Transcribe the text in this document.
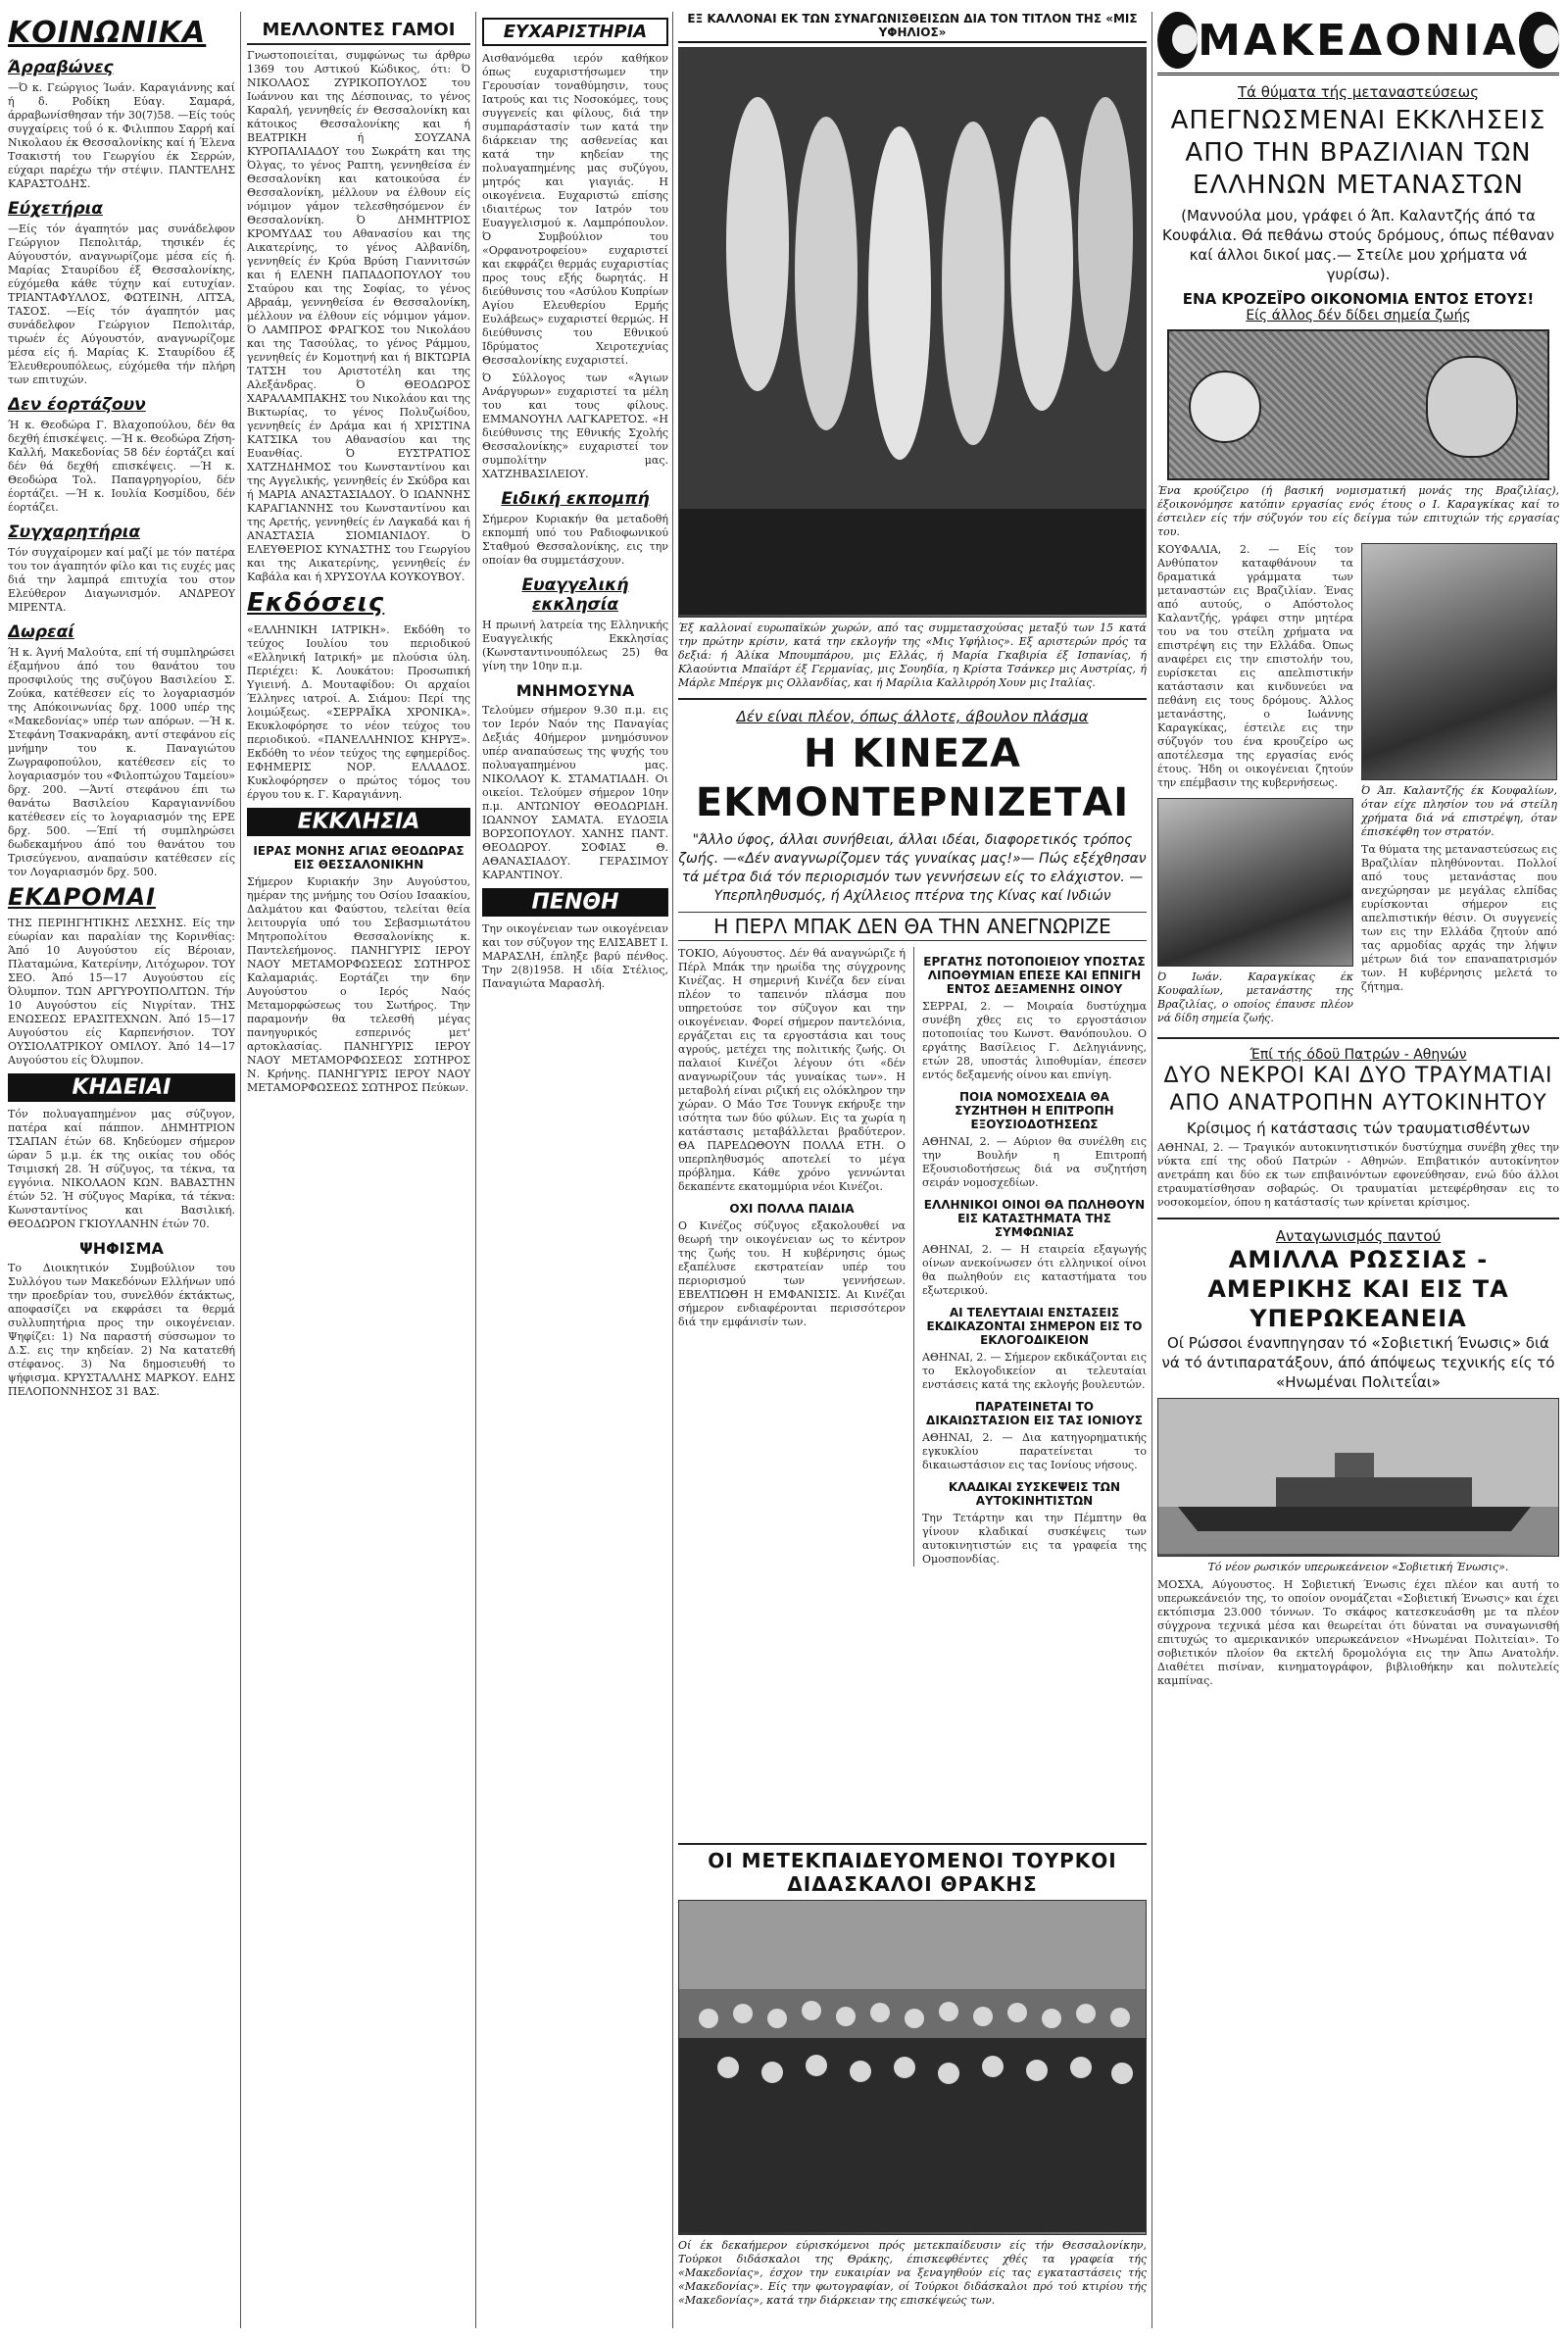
ΚΟΙΝΩΝΙΚΑ
Άρραβώνες
—Ό κ. Γεώργιος Ίωάν. Καραγιάννης καί ή δ. Ροδίκη Εύαγ. Σαμαρά, άρραβωνίσθησαν τήν 30(7)58. —Είς τούς συγχαίρεις τοΰ ό κ. Φιλιππου Σαρρή καί Νικολαου έκ Θεσσαλονίκης καί ή Έλενα Τσακιστή του Γεωργίου έκ Σερρών, εύχαρι παρέχω τήν στέψιν. ΠΑΝΤΕΛΗΣ ΚΑΡΑΣΤΟΔΗΣ.
Εύχετήρια
—Είς τόν άγαπητόν μας συνάδελφον Γεώργιον Πεπολιτάρ, τησικέν ές Αύγουστόν, αναγνωρίζομε μέσα είς ή. Μαρίας Σταυρίδου έξ Θεσσαλονίκης, εύχόμεθα κάθε τύχην καί ευτυχίαν. ΤΡΙΑΝΤΑΦΥΛΛΟΣ, ΦΩΤΕΙΝΗ, ΛΙΤΣΑ, ΤΑΣΟΣ. —Είς τόν άγαπητόν μας συνάδελφον Γεώργιον Πεπολιτάρ, τιρωέν ές Αύγουστόν, αναγνωρίζομε μέσα είς ή. Μαρίας Κ. Σταυρίδου έξ Έλευθερουπόλεως, εύχόμεθα τήν πλήρη των επιτυχών.
Δεν έορτάζουν
Ή κ. Θεοδώρα Γ. Βλαχοπούλου, δέν θα δεχθή έπισκέψεις. —Ή κ. Θεοδώρα Ζήση-Καλλή, Μακεδονίας 58 δέν έορτάζει καί δέν θά δεχθή επισκέψεις. —Ή κ. Θεοδώρα Τολ. Παπαγρηγορίου, δέν έορτάζει. —Ή κ. Ιουλία Κοσμίδου, δέν έορτάζει.
Συγχαρητήρια
Τόν συγχαίρομεν καί μαζί με τόν πατέρα του τον άγαπητόν φίλο και τις ευχές μας διά την λαμπρά επιτυχία του στον Ελεύθερον Διαγωνισμόν. ΑΝΔΡΕΟΥ ΜΙΡΕΝΤΑ.
Δωρεαί
Ή κ. Άγνή Μαλούτα, επί τή συμπληρώσει έξαμήνου άπό του θανάτου του προσφιλούς της συζύγου Βασιλείου Σ. Ζούκα, κατέθεσεν είς το λογαριασμόν της Απόκοινωνίας δρχ. 1000 υπέρ της «Μακεδονίας» υπέρ των απόρων. —Ή κ. Στεφάνη Τσακναράκη, αντί στεφάνου είς μνήμην του κ. Παναγιώτου Ζωγραφοπούλου, κατέθεσεν είς το λογαριασμόν του «Φιλοπτώχου Ταμείου» δρχ. 200. —Άντί στεφάνου έπι τω θανάτω Βασιλείου Καραγιαννίδου κατέθεσεν είς το λογαριασμόν της ΕΡΕ δρχ. 500. —Έπί τή συμπληρώσει δωδεκαμήνου άπό του θανάτου του Τρισεύγενου, αναπαύσιν κατέθεσεν είς τον Λογαριασμόν δρχ. 500.
ΕΚΔΡΟΜΑΙ
ΤΗΣ ΠΕΡΙΗΓΗΤΙΚΗΣ ΛΕΣΧΗΣ. Είς την εύωρίαν και παραλίαν της Κορινθίας: Άπό 10 Αυγούστου είς Βέροιαν, Πλαταμώνα, Κατερίνην, Λιτόχωρον. ΤΟΥ ΣΕΟ. Άπό 15—17 Αυγούστου είς Όλυμπον. ΤΩΝ ΑΡΓΥΡΟΥΠΟΛΙΤΩΝ. Τήν 10 Αυγούστου είς Νιγρίταν. ΤΗΣ ΕΝΩΣΕΩΣ ΕΡΑΣΙΤΕΧΝΩΝ. Άπό 15—17 Αυγούστου είς Καρπενήσιον. ΤΟΥ ΟΥΣΙΟΛΑΤΡΙΚΟΥ ΟΜΙΛΟΥ. Άπό 14—17 Αυγούστου είς Όλυμπον.
ΚΗΔΕΙΑΙ
Τόν πολυαγαπημένον μας σύζυγον, πατέρα καί πάππον. ΔΗΜΗΤΡΙΟΝ ΤΣΑΠΑΝ έτών 68. Κηδεύομεν σήμερον ώραν 5 μ.μ. έκ της οικίας του οδός Τσιμισκή 28. Ή σύζυγος, τα τέκνα, τα εγγόνια. ΝΙΚΟΛΑΟΝ ΚΩΝ. ΒΑΒΑΣΤΗΝ έτών 52. Ή σύζυγος Μαρίκα, τά τέκνα: Κωνσταντίνος και Βασιλική. ΘΕΟΔΩΡΟΝ ΓΚΙΟΥΛΑΝΗΝ έτών 70.
ΨΗΦΙΣΜΑ
Το Διοικητικόν Συμβούλιον του Συλλόγου των Μακεδόνων Ελλήνων υπό την προεδρίαν του, συνελθόν έκτάκτως, αποφασίζει να εκφράσει τα θερμά συλλυπητήρια προς την οικογένειαν. Ψηφίζει: 1) Να παραστή σύσσωμον το Δ.Σ. εις την κηδείαν. 2) Να κατατεθή στέφανος. 3) Να δημοσιευθή το ψήφισμα. ΚΡΥΣΤΑΛΛΗΣ ΜΑΡΚΟΥ. ΕΔΗΣ ΠΕΛΟΠΟΝΝΗΣΟΣ 31 ΒΑΣ.
ΜΕΛΛΟΝΤΕΣ ΓΑΜΟΙ
Γνωστοποιείται, συμφώνως τω άρθρω 1369 του Αστικού Κώδικος, ότι: Ό ΝΙΚΟΛΑΟΣ ΖΥΡΙΚΟΠΟΥΛΟΣ του Ιωάννου και της Δέσποινας, το γένος Καραλή, γεννηθείς έν Θεσσαλονίκη και κάτοικος Θεσσαλονίκης και ή ΒΕΑΤΡΙΚΗ ή ΣΟΥΖΑΝΑ ΚΥΡΟΠΑΛΙΑΔΟΥ του Σωκράτη και της Όλγας, το γένος Ραπτη, γεννηθείσα έν Θεσσαλονίκη και κατοικούσα έν Θεσσαλονίκη, μέλλουν να έλθουν είς νόμιμον γάμον τελεσθησόμενον έν Θεσσαλονίκη. Ό ΔΗΜΗΤΡΙΟΣ ΚΡΟΜΥΔΑΣ του Αθανασίου και της Αικατερίνης, το γένος Αλβανίδη, γεννηθείς έν Κρύα Βρύση Γιαννιτσών και ή ΕΛΕΝΗ ΠΑΠΑΔΟΠΟΥΛΟΥ του Σταύρου και της Σοφίας, το γένος Αβραάμ, γεννηθείσα έν Θεσσαλονίκη, μέλλουν να έλθουν είς νόμιμον γάμον. Ό ΛΑΜΠΡΟΣ ΦΡΑΓΚΟΣ του Νικολάου και της Τασούλας, το γένος Ράμμου, γεννηθείς έν Κομοτηνή και ή ΒΙΚΤΩΡΙΑ ΤΑΤΣΗ του Αριστοτέλη και της Αλεξάνδρας. Ό ΘΕΟΔΩΡΟΣ ΧΑΡΑΛΑΜΠΑΚΗΣ του Νικολάου και της Βικτωρίας, το γένος Πολυζωίδου, γεννηθείς έν Δράμα και ή ΧΡΙΣΤΙΝΑ ΚΑΤΣΙΚΑ του Αθανασίου και της Ευανθίας. Ό ΕΥΣΤΡΑΤΙΟΣ ΧΑΤΖΗΔΗΜΟΣ του Κωνσταντίνου και της Αγγελικής, γεννηθείς έν Σκύδρα και ή ΜΑΡΙΑ ΑΝΑΣΤΑΣΙΑΔΟΥ. Ό ΙΩΑΝΝΗΣ ΚΑΡΑΓΙΑΝΝΗΣ του Κωνσταντίνου και της Αρετής, γεννηθείς έν Λαγκαδά και ή ΑΝΑΣΤΑΣΙΑ ΣΙΟΜΙΑΝΙΔΟΥ. Ό ΕΛΕΥΘΕΡΙΟΣ ΚΥΝΑΣΤΗΣ του Γεωργίου και της Αικατερίνης, γεννηθείς έν Καβάλα και ή ΧΡΥΣΟΥΛΑ ΚΟΥΚΟΥΒΟΥ.
Εκδόσεις
«ΕΛΛΗΝΙΚΗ ΙΑΤΡΙΚΗ». Εκδόθη το τεύχος Ιουλίου του περιοδικού «Ελληνική Ιατρική» με πλούσια ύλη. Περιέχει: Κ. Λουκάτου: Προσωπική Υγιεινή. Δ. Μουταφίδου: Οι αρχαίοι Έλληνες ιατροί. Α. Σιάμου: Περί της λοιμώξεως. «ΣΕΡΡΑΪΚΑ ΧΡΟΝΙΚΑ». Εκυκλοφόρησε το νέον τεύχος του περιοδικού. «ΠΑΝΕΛΛΗΝΙΟΣ ΚΗΡΥΞ». Εκδόθη το νέον τεύχος της εφημερίδος. ΕΦΗΜΕΡΙΣ ΝΟΡ. ΕΛΛΑΔΟΣ. Κυκλοφόρησεν ο πρώτος τόμος του έργου του κ. Γ. Καραγιάννη.
ΕΚΚΛΗΣΙΑ
ΙΕΡΑΣ ΜΟΝΗΣ ΑΓΙΑΣ ΘΕΟΔΩΡΑΣ ΕΙΣ ΘΕΣΣΑΛΟΝΙΚΗΝ
Σήμερον Κυριακήν 3ην Αυγούστου, ημέραν της μνήμης του Οσίου Ισαακίου, Δαλμάτου και Φαύστου, τελείται θεία λειτουργία υπό του Σεβασμιωτάτου Μητροπολίτου Θεσσαλονίκης κ. Παντελεήμονος. ΠΑΝΗΓΥΡΙΣ ΙΕΡΟΥ ΝΑΟΥ ΜΕΤΑΜΟΡΦΩΣΕΩΣ ΣΩΤΗΡΟΣ Καλαμαριάς. Εορτάζει την 6ην Αυγούστου ο Ιερός Ναός Μεταμορφώσεως του Σωτήρος. Την παραμονήν θα τελεσθή μέγας πανηγυρικός εσπερινός μετ' αρτοκλασίας. ΠΑΝΗΓΥΡΙΣ ΙΕΡΟΥ ΝΑΟΥ ΜΕΤΑΜΟΡΦΩΣΕΩΣ ΣΩΤΗΡΟΣ Ν. Κρήνης. ΠΑΝΗΓΥΡΙΣ ΙΕΡΟΥ ΝΑΟΥ ΜΕΤΑΜΟΡΦΩΣΕΩΣ ΣΩΤΗΡΟΣ Πεύκων.
ΕΥΧΑΡΙΣΤΗΡΙΑ
Αισθανόμεθα ιερόν καθήκον όπως ευχαριστήσωμεν την Γερουσίαν τοναθύμησιν, τους Ιατρούς και τις Νοσοκόμες, τους συγγενείς και φίλους, διά την συμπαράστασίν των κατά την διάρκειαν της ασθενείας και κατά την κηδείαν της πολυαγαπημένης μας συζύγου, μητρός και γιαγιάς. Η οικογένεια. Ευχαριστώ επίσης ιδιαιτέρως τον Ιατρόν του Ευαγγελισμού κ. Λαμπρόπουλον. Ό Συμβούλιον του «Ορφανοτροφείου» ευχαριστεί και εκφράζει θερμάς ευχαριστίας προς τους εξής δωρητάς. Η διεύθυνσις του «Ασύλου Κυπρίων Αγίου Ελευθερίου Ερμής Ευλάβεως» ευχαριστεί θερμώς. Η διεύθυνσις του Εθνικού Ιδρύματος Χειροτεχνίας Θεσσαλονίκης ευχαριστεί.
Ό Σύλλογος των «Άγιων Ανάργυρων» ευχαριστεί τα μέλη του και τους φίλους. ΕΜΜΑΝΟΥΗΛ ΛΑΓΚΑΡΕΤΟΣ. «Η διεύθυνσις της Εθνικής Σχολής Θεσσαλονίκης» ευχαριστεί τον συμπολίτην μας. ΧΑΤΖΗΒΑΣΙΛΕΙΟΥ.
Ειδική εκπομπή
Σήμερον Κυριακήν θα μεταδοθή εκπομπή υπό του Ραδιοφωνικού Σταθμού Θεσσαλονίκης, εις την οποίαν θα συμμετάσχουν.
Ευαγγελική εκκλησία
Η πρωινή λατρεία της Ελληνικής Ευαγγελικής Εκκλησίας (Κωνσταντινουπόλεως 25) θα γίνη την 10ην π.μ.
ΜΝΗΜΟΣΥΝΑ
Τελούμεν σήμερον 9.30 π.μ. εις τον Ιερόν Ναόν της Παναγίας Δεξιάς 40ήμερον μνημόσυνον υπέρ αναπαύσεως της ψυχής του πολυαγαπημένου μας. ΝΙΚΟΛΑΟΥ Κ. ΣΤΑΜΑΤΙΑΔΗ. Οι οικείοι. Τελούμεν σήμερον 10ην π.μ. ΑΝΤΩΝΙΟΥ ΘΕΟΔΩΡΙΔΗ. ΙΩΑΝΝΟΥ ΣΑΜΑΤΑ. ΕΥΔΟΞΙΑ ΒΟΡΣΟΠΟΥΛΟΥ. ΧΑΝΗΣ ΠΑΝΤ. ΘΕΟΔΩΡΟΥ. ΣΟΦΙΑΣ Θ. ΑΘΑΝΑΣΙΑΔΟΥ. ΓΕΡΑΣΙΜΟΥ ΚΑΡΑΝΤΙΝΟΥ.
ΠΕΝΘΗ
Την οικογένειαν των οικογένειαν και τον σύζυγον της ΕΛΙΣΑΒΕΤ Ι. ΜΑΡΑΣΛΗ, έπληξε βαρύ πένθος. Την 2(8)1958. Η ιδία Στέλιος, Παναγιώτα Μαρασλή.
ΕΞ ΚΑΛΛΟΝΑΙ ΕΚ ΤΩΝ ΣΥΝΑΓΩΝΙΣΘΕΙΣΩΝ ΔΙΑ ΤΟΝ ΤΙΤΛΟΝ ΤΗΣ «ΜΙΣ ΥΦΗΛΙΟΣ»
Έξ καλλοναί ευρωπαϊκών χωρών, από τας συμμετασχούσας μεταξύ των 15 κατά την πρώτην κρίσιν, κατά την εκλογήν της «Μις Υφήλιος». Εξ αριστερών πρός τα δεξιά: ή Άλίκα Μπουμπάρου, μις Ελλάς, ή Μαρία Γκαβιρία έξ Ισπανίας, ή Κλαούντια Μπαϊάρτ έξ Γερμανίας, μις Σουηδία, η Κρίστα Τσάνκερ μις Αυστρίας, ή Μάρλε Μπέργκ μις Ολλανδίας, και ή Μαρίλια Καλλιρρόη Χουν μις Ιταλίας.
Δέν είναι πλέον, όπως άλλοτε, άβουλον πλάσμα
Η ΚΙΝΕΖΑ ΕΚΜΟΝΤΕΡΝΙΖΕΤΑΙ
"Άλλο ύφος, άλλαι συνήθειαι, άλλαι ιδέαι, διαφορετικός τρόπος ζωής. —«Δέν αναγνωρίζομεν τάς γυναίκας μας!»— Πώς εξέχθησαν τά μέτρα διά τόν περιορισμόν των γεννήσεων είς το ελάχιστον. —Υπερπληθυσμός, ή Αχίλλειος πτέρνα της Κίνας καί Ινδιών
Η ΠΕΡΛ ΜΠΑΚ ΔΕΝ ΘΑ ΤΗΝ ΑΝΕΓΝΩΡΙΖΕ
ΤΟΚΙΟ, Αύγουστος. Δέν θά αναγνώριζε ή Πέρλ Μπάκ την ηρωίδα της σύγχρονης Κινέζας. Η σημερινή Κινέζα δεν είναι πλέον το ταπεινόν πλάσμα που υπηρετούσε τον σύζυγον και την οικογένειαν. Φορεί σήμερον παντελόνια, εργάζεται εις τα εργοστάσια και τους αγρούς, μετέχει της πολιτικής ζωής. Οι παλαιοί Κινέζοι λέγουν ότι «δέν αναγνωρίζουν τάς γυναίκας των». Η μεταβολή είναι ριζική εις ολόκληρον την χώραν. Ο Μάο Τσε Τουνγκ εκήρυξε την ισότητα των δύο φύλων. Εις τα χωρία η κατάστασις μεταβάλλεται βραδύτερον. ΘΑ ΠΑΡΕΔΩΘΟΥΝ ΠΟΛΛΑ ΕΤΗ. Ο υπερπληθυσμός αποτελεί το μέγα πρόβλημα. Κάθε χρόνο γεννώνται δεκαπέντε εκατομμύρια νέοι Κινέζοι.
ΟΧΙ ΠΟΛΛΑ ΠΑΙΔΙΑ
Ο Κινέζος σύζυγος εξακολουθεί να θεωρή την οικογένειαν ως το κέντρον της ζωής του. Η κυβέρνησις όμως εξαπέλυσε εκστρατείαν υπέρ του περιορισμού των γεννήσεων. ΕΒΕΛΤΙΩΘΗ Η ΕΜΦΑΝΙΣΙΣ. Αι Κινέζαι σήμερον ενδιαφέρονται περισσότερον διά την εμφάνισίν των.
ΕΡΓΑΤΗΣ ΠΟΤΟΠΟΙΕΙΟΥ ΥΠΟΣΤΑΣ ΛΙΠΟΘΥΜΙΑΝ ΕΠΕΣΕ ΚΑΙ ΕΠΝΙΓΗ ΕΝΤΟΣ ΔΕΞΑΜΕΝΗΣ ΟΙΝΟΥ
ΣΕΡΡΑΙ, 2. — Μοιραία δυστύχημα συνέβη χθες εις το εργοστάσιον ποτοποιίας του Κωνστ. Θανόπουλου. Ο εργάτης Βασίλειος Γ. Δεληγιάννης, ετών 28, υποστάς λιποθυμίαν, έπεσεν εντός δεξαμενής οίνου και επνίγη.
ΠΟΙΑ ΝΟΜΟΣΧΕΔΙΑ ΘΑ ΣΥΖΗΤΗΘΗ Η ΕΠΙΤΡΟΠΗ ΕΞΟΥΣΙΟΔΟΤΗΣΕΩΣ
ΑΘΗΝΑΙ, 2. — Αύριον θα συνέλθη εις την Βουλήν η Επιτροπή Εξουσιοδοτήσεως διά να συζητήση σειράν νομοσχεδίων.
ΕΛΛΗΝΙΚΟΙ ΟΙΝΟΙ ΘΑ ΠΩΛΗΘΟΥΝ ΕΙΣ ΚΑΤΑΣΤΗΜΑΤΑ ΤΗΣ ΣΥΜΦΩΝΙΑΣ
ΑΘΗΝΑΙ, 2. — Η εταιρεία εξαγωγής οίνων ανεκοίνωσεν ότι ελληνικοί οίνοι θα πωληθούν εις καταστήματα του εξωτερικού.
ΑΙ ΤΕΛΕΥΤΑΙΑΙ ΕΝΣΤΑΣΕΙΣ ΕΚΔΙΚΑΖΟΝΤΑΙ ΣΗΜΕΡΟΝ ΕΙΣ ΤΟ ΕΚΛΟΓΟΔΙΚΕΙΟΝ
ΑΘΗΝΑΙ, 2. — Σήμερον εκδικάζονται εις το Εκλογοδικείον αι τελευταίαι ενστάσεις κατά της εκλογής βουλευτών.
ΠΑΡΑΤΕΙΝΕΤΑΙ ΤΟ ΔΙΚΑΙΩΣΤΑΣΙΟΝ ΕΙΣ ΤΑΣ ΙΟΝΙΟΥΣ
ΑΘΗΝΑΙ, 2. — Δια κατηγορηματικής εγκυκλίου παρατείνεται το δικαιωστάσιον εις τας Ιονίους νήσους.
ΚΛΑΔΙΚΑΙ ΣΥΣΚΕΨΕΙΣ ΤΩΝ ΑΥΤΟΚΙΝΗΤΙΣΤΩΝ
Την Τετάρτην και την Πέμπτην θα γίνουν κλαδικαί συσκέψεις των αυτοκινητιστών εις τα γραφεία της Ομοσπονδίας.
ΟΙ ΜΕΤΕΚΠΑΙΔΕΥΟΜΕΝΟΙ ΤΟΥΡΚΟΙ ΔΙΔΑΣΚΑΛΟΙ ΘΡΑΚΗΣ
Οί έκ δεκαήμερον εύρισκόμενοι πρός μετεκπαίδευσιν είς τήν Θεσσαλονίκην, Τούρκοι διδάσκαλοι της Θράκης, έπισκεφθέντες χθές τα γραφεία τής «Μακεδονίας», έσχον την ευκαιρίαν να ξεναγηθούν είς τας εγκαταστάσεις τής «Μακεδονίας». Είς την φωτογραφίαν, οί Τούρκοι διδάσκαλοι πρό τού κτιρίου τής «Μακεδονίας», κατά την διάρκειαν της επισκέψεώς των.
ΜΑΚΕΔΟΝΙΑ
Τά θύματα τής μεταναστεύσεως
ΑΠΕΓΝΩΣΜΕΝΑΙ ΕΚΚΛΗΣΕΙΣ ΑΠΟ ΤΗΝ ΒΡΑΖΙΛΙΑΝ ΤΩΝ ΕΛΛΗΝΩΝ ΜΕΤΑΝΑΣΤΩΝ
(Μαννούλα μου, γράφει ό Άπ. Καλαντζής άπό τα Κουφάλια. Θά πεθάνω στούς δρόμους, όπως πέθαναν καί άλλοι δικοί μας.— Στείλε μου χρήματα νά γυρίσω).
ΕΝΑ ΚΡΟΖΕΪΡΟ ΟΙΚΟΝΟΜΙΑ ΕΝΤΟΣ ΕΤΟΥΣ!
Είς άλλος δέν δίδει σημεία ζωής
Ένα κρούζειρο (ή βασική νομισματική μονάς της Βραζιλίας), έξοικονόμησε κατόπιν εργασίας ενός έτους ο Ι. Καραγκίκας καί το έστειλεν είς τήν σύζυγόν του είς δείγμα τών επιτυχιών τής εργασίας του.
ΚΟΥΦΑΛΙΑ, 2. — Είς τον Ανθύπατον καταφθάνουν τα δραματικά γράμματα των μεταναστών εις Βραζιλίαν. Ένας από αυτούς, ο Απόστολος Καλαντζής, γράφει στην μητέρα του να του στείλη χρήματα να επιστρέψη εις την Ελλάδα. Όπως αναφέρει εις την επιστολήν του, ευρίσκεται εις απελπιστικήν κατάστασιν και κινδυνεύει να πεθάνη εις τους δρόμους. Άλλος μετανάστης, ο Ιωάννης Καραγκίκας, έστειλε εις την σύζυγόν του ένα κρουζείρο ως αποτέλεσμα της εργασίας ενός έτους. Ήδη οι οικογένειαι ζητούν την επέμβασιν της κυβερνήσεως.
Ό Ιωάν. Καραγκίκας έκ Κουφαλίων, μετανάστης της Βραζιλίας, ο οποίος έπαυσε πλέον νά δίδη σημεία ζωής.
Ό Άπ. Καλαντζής έκ Κουφαλίων, όταν είχε πλησίον του νά στείλη χρήματα διά νά επιστρέψη, όταν έπισκέφθη τον στρατόν.
Τα θύματα της μεταναστεύσεως εις Βραζιλίαν πληθύνονται. Πολλοί από τους μετανάστας που ανεχώρησαν με μεγάλας ελπίδας ευρίσκονται σήμερον εις απελπιστικήν θέσιν. Οι συγγενείς των εις την Ελλάδα ζητούν από τας αρμοδίας αρχάς την λήψιν μέτρων διά τον επαναπατρισμόν των. Η κυβέρνησις μελετά το ζήτημα.
Έπί τής όδοϋ Πατρών - Αθηνών
ΔΥΟ ΝΕΚΡΟΙ ΚΑΙ ΔΥΟ ΤΡΑΥΜΑΤΙΑΙ ΑΠΟ ΑΝΑΤΡΟΠΗΝ ΑΥΤΟΚΙΝΗΤΟΥ
Κρίσιμος ή κατάστασις τών τραυματισθέντων
ΑΘΗΝΑΙ, 2. — Τραγικόν αυτοκινητιστικόν δυστύχημα συνέβη χθες την νύκτα επί της οδού Πατρών - Αθηνών. Επιβατικόν αυτοκίνητον ανετράπη και δύο εκ των επιβαινόντων εφονεύθησαν, ενώ δύο άλλοι ετραυματίσθησαν σοβαρώς. Οι τραυματίαι μετεφέρθησαν εις το νοσοκομείον, όπου η κατάστασίς των κρίνεται κρίσιμος.
Ανταγωνισμός παντού
ΑΜΙΛΛΑ ΡΩΣΣΙΑΣ - ΑΜΕΡΙΚΗΣ ΚΑΙ ΕΙΣ ΤΑ ΥΠΕΡΩΚΕΑΝΕΙΑ
Οί Ρώσσοι ένανπηγησαν τό «Σοβιετική Ένωσις» διά νά τό άντιπαρατάξουν, άπό άπόψεως τεχνικής είς τό «Ηνωμέναι Πολιτεΐαι»
Τό νέον ρωσικόν υπερωκεάνειον «Σοβιετική Ένωσις».
ΜΟΣΧΑ, Αύγουστος. Η Σοβιετική Ένωσις έχει πλέον και αυτή το υπερωκεάνειόν της, το οποίον ονομάζεται «Σοβιετική Ένωσις» και έχει εκτόπισμα 23.000 τόννων. Το σκάφος κατεσκευάσθη με τα πλέον σύγχρονα τεχνικά μέσα και θεωρείται ότι δύναται να συναγωνισθή επιτυχώς το αμερικανικόν υπερωκεάνειον «Ηνωμέναι Πολιτείαι». Το σοβιετικόν πλοίον θα εκτελή δρομολόγια εις την Άπω Ανατολήν. Διαθέτει πισίναν, κινηματογράφον, βιβλιοθήκην και πολυτελείς καμπίνας.
